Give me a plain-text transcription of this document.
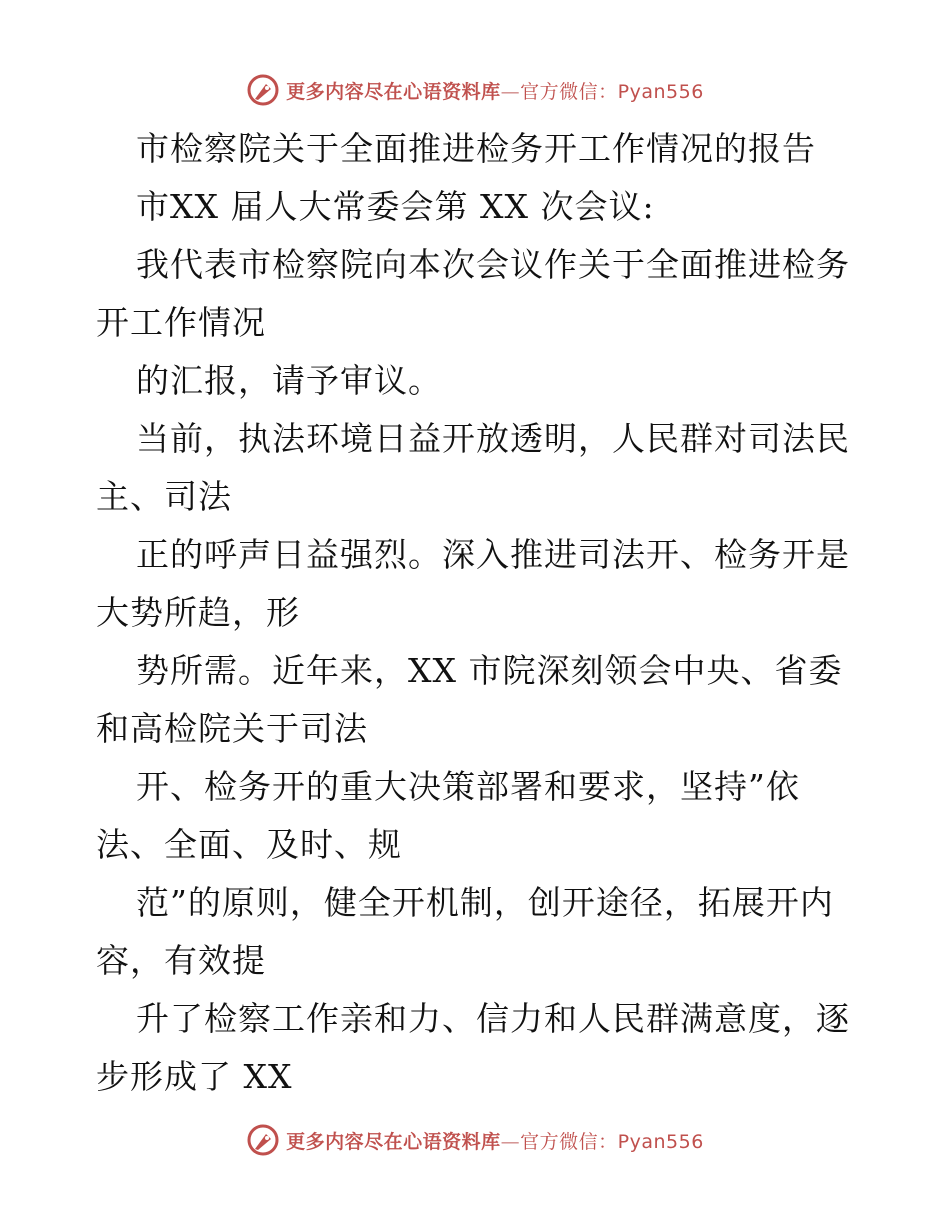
更多内容尽在心语资料库—官方微信：Pyan556
市检察院关于全面推进检务开工作情况的报告
市XX 届人大常委会第 XX 次会议:
我代表市检察院向本次会议作关于全面推进检务
开工作情况
的汇报，请予审议。
当前，执法环境日益开放透明，人民群对司法民
主、司法
正的呼声日益强烈。深入推进司法开、检务开是
大势所趋，形
势所需。近年来，XX 市院深刻领会中央、省委
和高检院关于司法
开、检务开的重大决策部署和要求，坚持”依
法、全面、及时、规
范”的原则，健全开机制，创开途径，拓展开内
容，有效提
升了检察工作亲和力、信力和人民群满意度，逐
步形成了 XX
更多内容尽在心语资料库—官方微信：Pyan556
